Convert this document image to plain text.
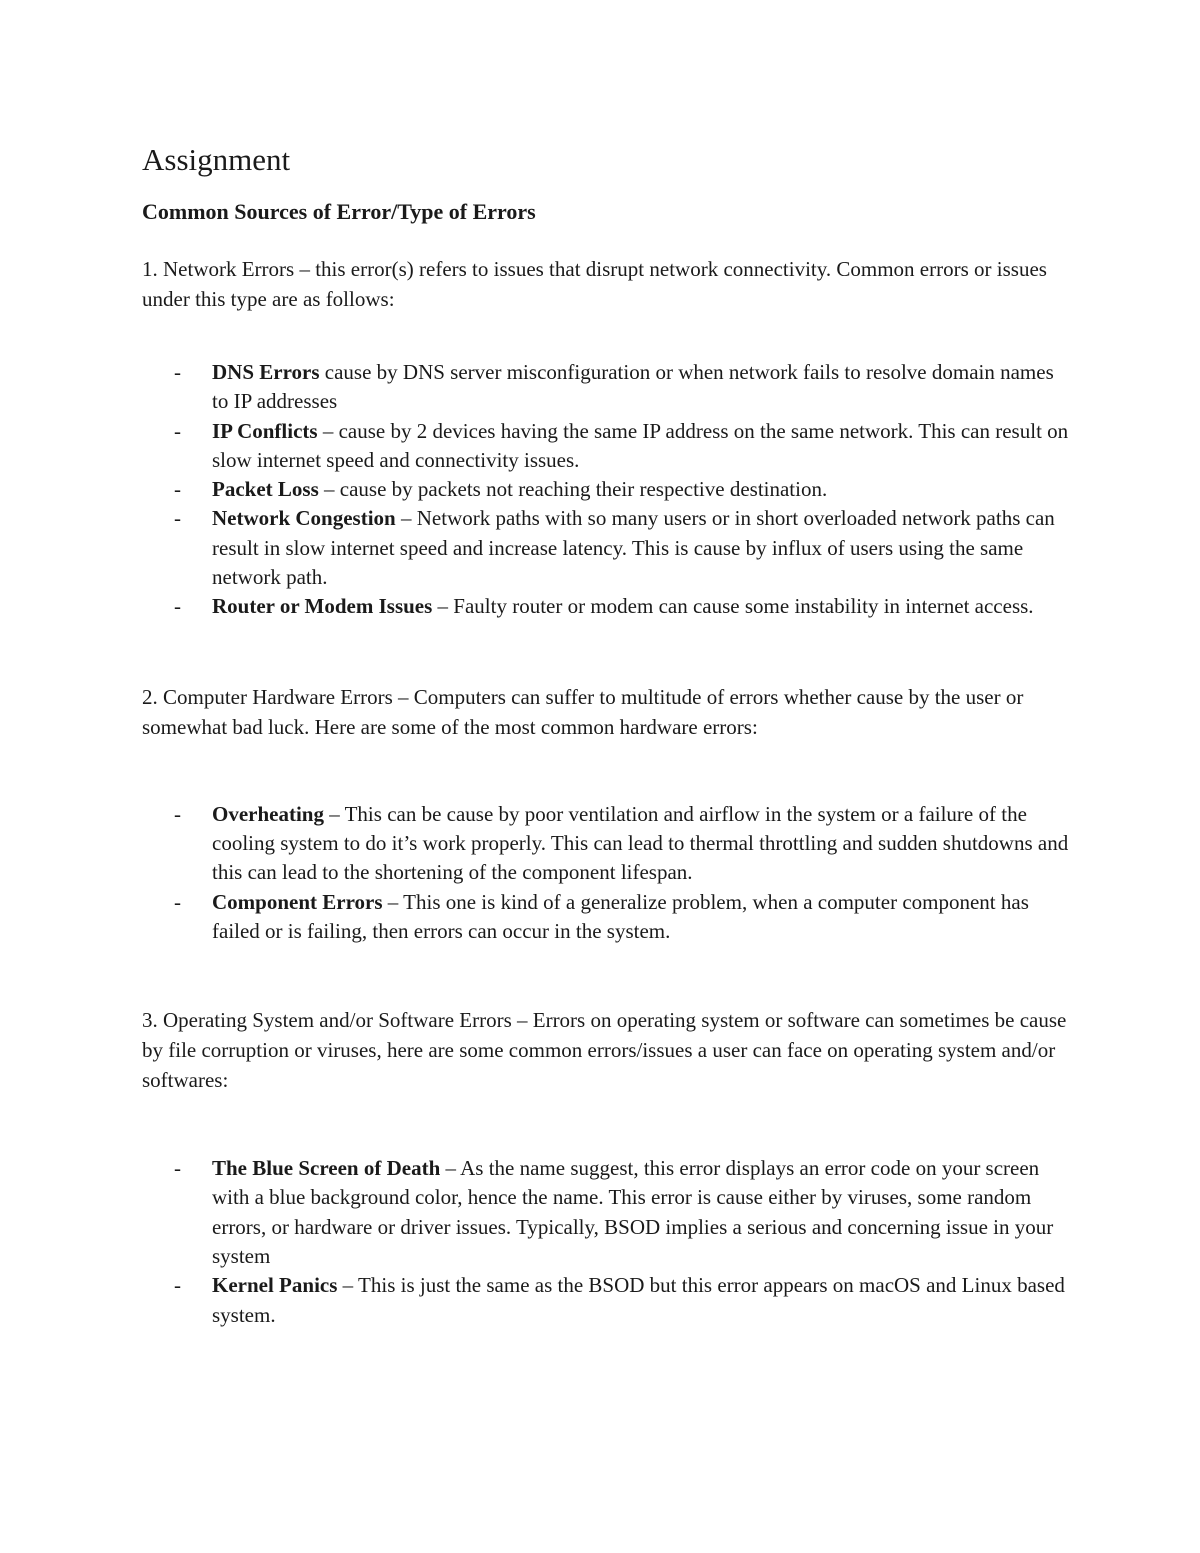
Assignment
Common Sources of Error/Type of Errors

1. Network Errors – this error(s) refers to issues that disrupt network connectivity. Common errors or issues under this type are as follows:

- DNS Errors cause by DNS server misconfiguration or when network fails to resolve domain names to IP addresses
- IP Conflicts – cause by 2 devices having the same IP address on the same network. This can result on slow internet speed and connectivity issues.
- Packet Loss – cause by packets not reaching their respective destination.
- Network Congestion – Network paths with so many users or in short overloaded network paths can result in slow internet speed and increase latency. This is cause by influx of users using the same network path.
- Router or Modem Issues – Faulty router or modem can cause some instability in internet access.

2. Computer Hardware Errors – Computers can suffer to multitude of errors whether cause by the user or somewhat bad luck. Here are some of the most common hardware errors:

- Overheating – This can be cause by poor ventilation and airflow in the system or a failure of the cooling system to do it’s work properly. This can lead to thermal throttling and sudden shutdowns and this can lead to the shortening of the component lifespan.
- Component Errors – This one is kind of a generalize problem, when a computer component has failed or is failing, then errors can occur in the system.

3. Operating System and/or Software Errors – Errors on operating system or software can sometimes be cause by file corruption or viruses, here are some common errors/issues a user can face on operating system and/or softwares:

- The Blue Screen of Death – As the name suggest, this error displays an error code on your screen with a blue background color, hence the name. This error is cause either by viruses, some random errors, or hardware or driver issues. Typically, BSOD implies a serious and concerning issue in your system
- Kernel Panics – This is just the same as the BSOD but this error appears on macOS and Linux based system.
